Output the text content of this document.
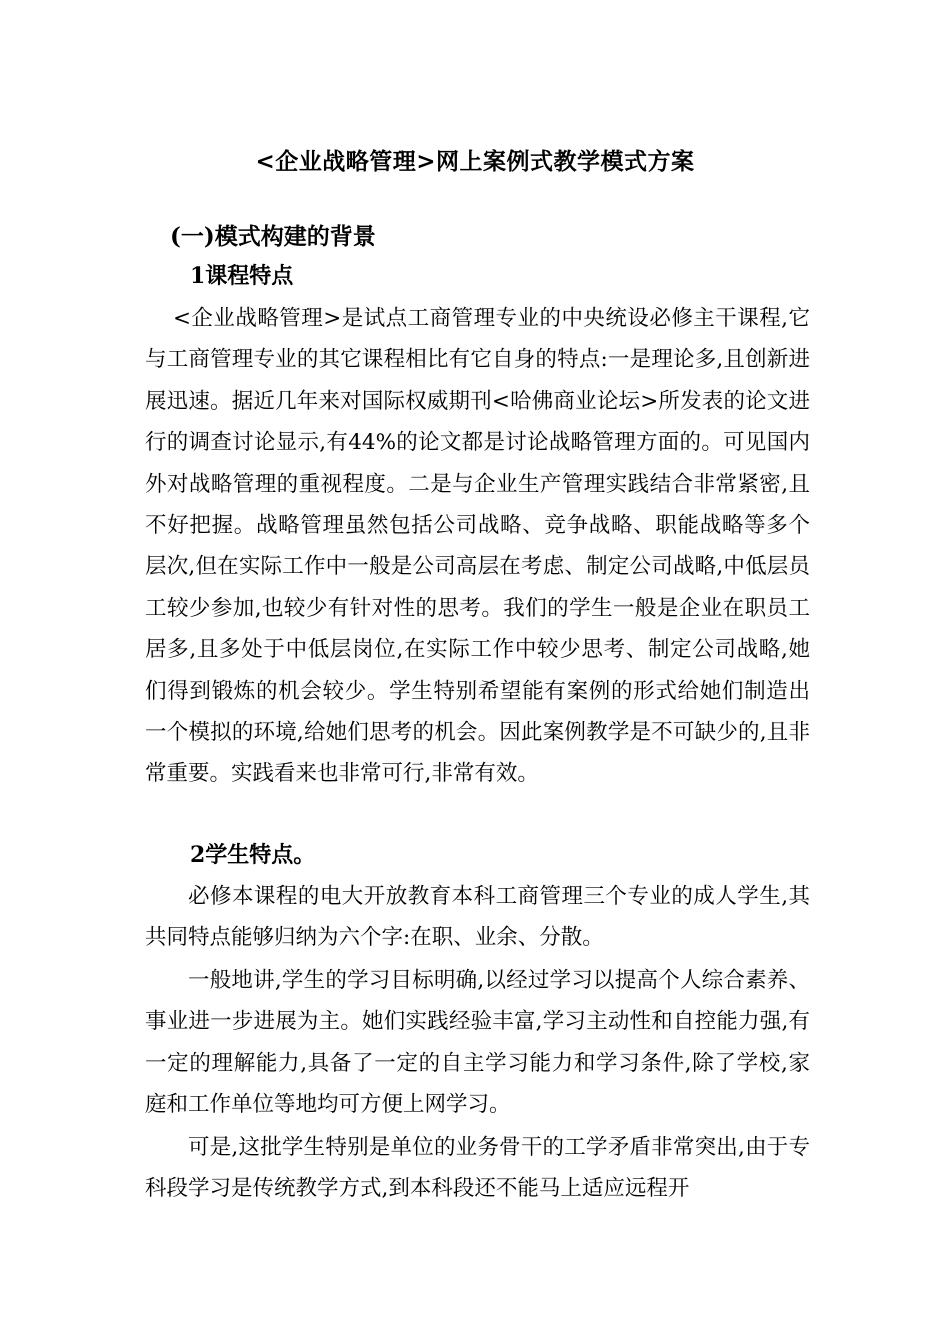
<企业战略管理>网上案例式教学模式方案
(一)模式构建的背景
1课程特点

<企业战略管理>是试点工商管理专业的中央统设必修主干课程,它与工商管理专业的其它课程相比有它自身的特点:一是理论多,且创新进展迅速。据近几年来对国际权威期刊<哈佛商业论坛>所发表的论文进行的调查讨论显示,有44%的论文都是讨论战略管理方面的。可见国内外对战略管理的重视程度。二是与企业生产管理实践结合非常紧密,且不好把握。战略管理虽然包括公司战略、竞争战略、职能战略等多个层次,但在实际工作中一般是公司高层在考虑、制定公司战略,中低层员工较少参加,也较少有针对性的思考。我们的学生一般是企业在职员工居多,且多处于中低层岗位,在实际工作中较少思考、制定公司战略,她们得到锻炼的机会较少。学生特别希望能有案例的形式给她们制造出一个模拟的环境,给她们思考的机会。因此案例教学是不可缺少的,且非常重要。实践看来也非常可行,非常有效。

2学生特点。

必修本课程的电大开放教育本科工商管理三个专业的成人学生,其共同特点能够归纳为六个字:在职、业余、分散。

一般地讲,学生的学习目标明确,以经过学习以提高个人综合素养、事业进一步进展为主。她们实践经验丰富,学习主动性和自控能力强,有一定的理解能力,具备了一定的自主学习能力和学习条件,除了学校,家庭和工作单位等地均可方便上网学习。

可是,这批学生特别是单位的业务骨干的工学矛盾非常突出,由于专科段学习是传统教学方式,到本科段还不能马上适应远程开
